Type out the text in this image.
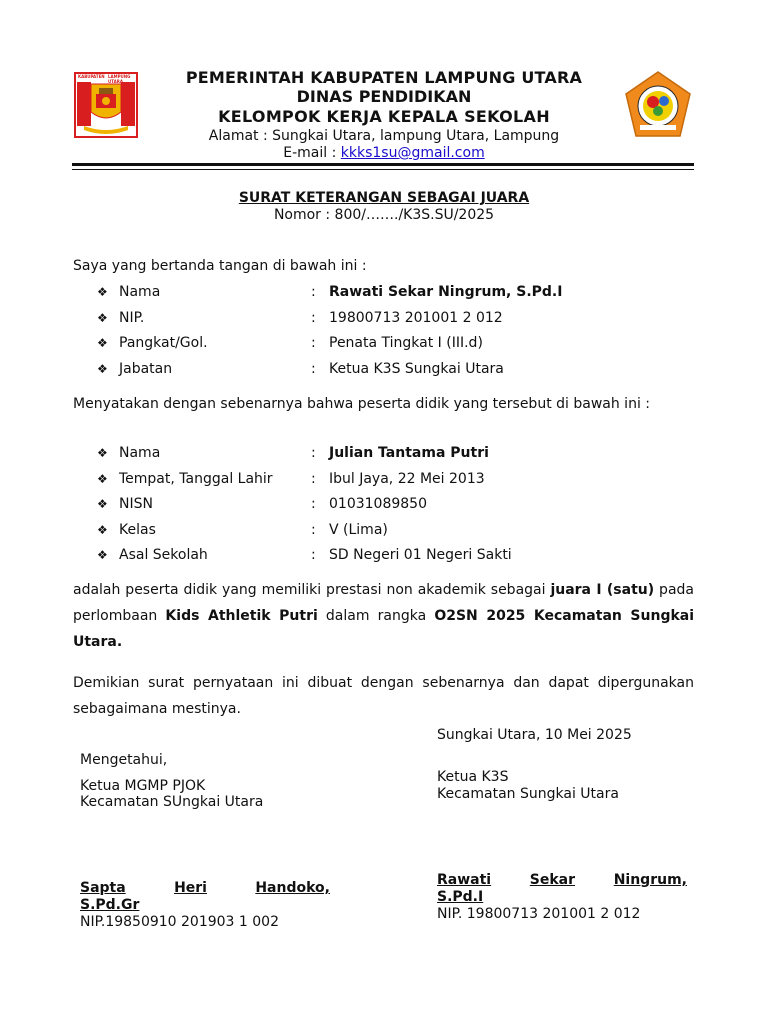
KABUPATEN LAMPUNG UTARA	PEMERINTAH KABUPATEN LAMPUNG UTARA
DINAS PENDIDIKAN
KELOMPOK KERJA KEPALA SEKOLAH
Alamat : Sungkai Utara, lampung Utara, Lampung
E-mail : kkks1su@gmail.com
SURAT KETERANGAN SEBAGAI JUARA
Nomor : 800/……./K3S.SU/2025
Saya yang bertanda tangan di bawah ini :
❖ Nama	: Rawati Sekar Ningrum, S.Pd.I
❖ NIP.	: 19800713 201001 2 012
❖ Pangkat/Gol.	: Penata Tingkat I (III.d)
❖ Jabatan	: Ketua K3S Sungkai Utara
Menyatakan dengan sebenarnya bahwa peserta didik yang tersebut di bawah ini :
❖ Nama	: Julian Tantama Putri
❖ Tempat, Tanggal Lahir	: Ibul Jaya, 22 Mei 2013
❖ NISN	: 01031089850
❖ Kelas	: V (Lima)
❖ Asal Sekolah	: SD Negeri 01 Negeri Sakti
adalah peserta didik yang memiliki prestasi non akademik sebagai juara I (satu) pada perlombaan Kids Athletik Putri dalam rangka O2SN 2025 Kecamatan Sungkai Utara.
Demikian surat pernyataan ini dibuat dengan sebenarnya dan dapat dipergunakan sebagaimana mestinya.
Sungkai Utara, 10 Mei 2025
Mengetahui,
Ketua MGMP PJOK
Kecamatan SUngkai Utara
Sapta	Heri	Handoko,
S.Pd.Gr
NIP.19850910 201903 1 002
Ketua K3S
Kecamatan Sungkai Utara
Rawati	Sekar	Ningrum,
S.Pd.I
NIP. 19800713 201001 2 012
